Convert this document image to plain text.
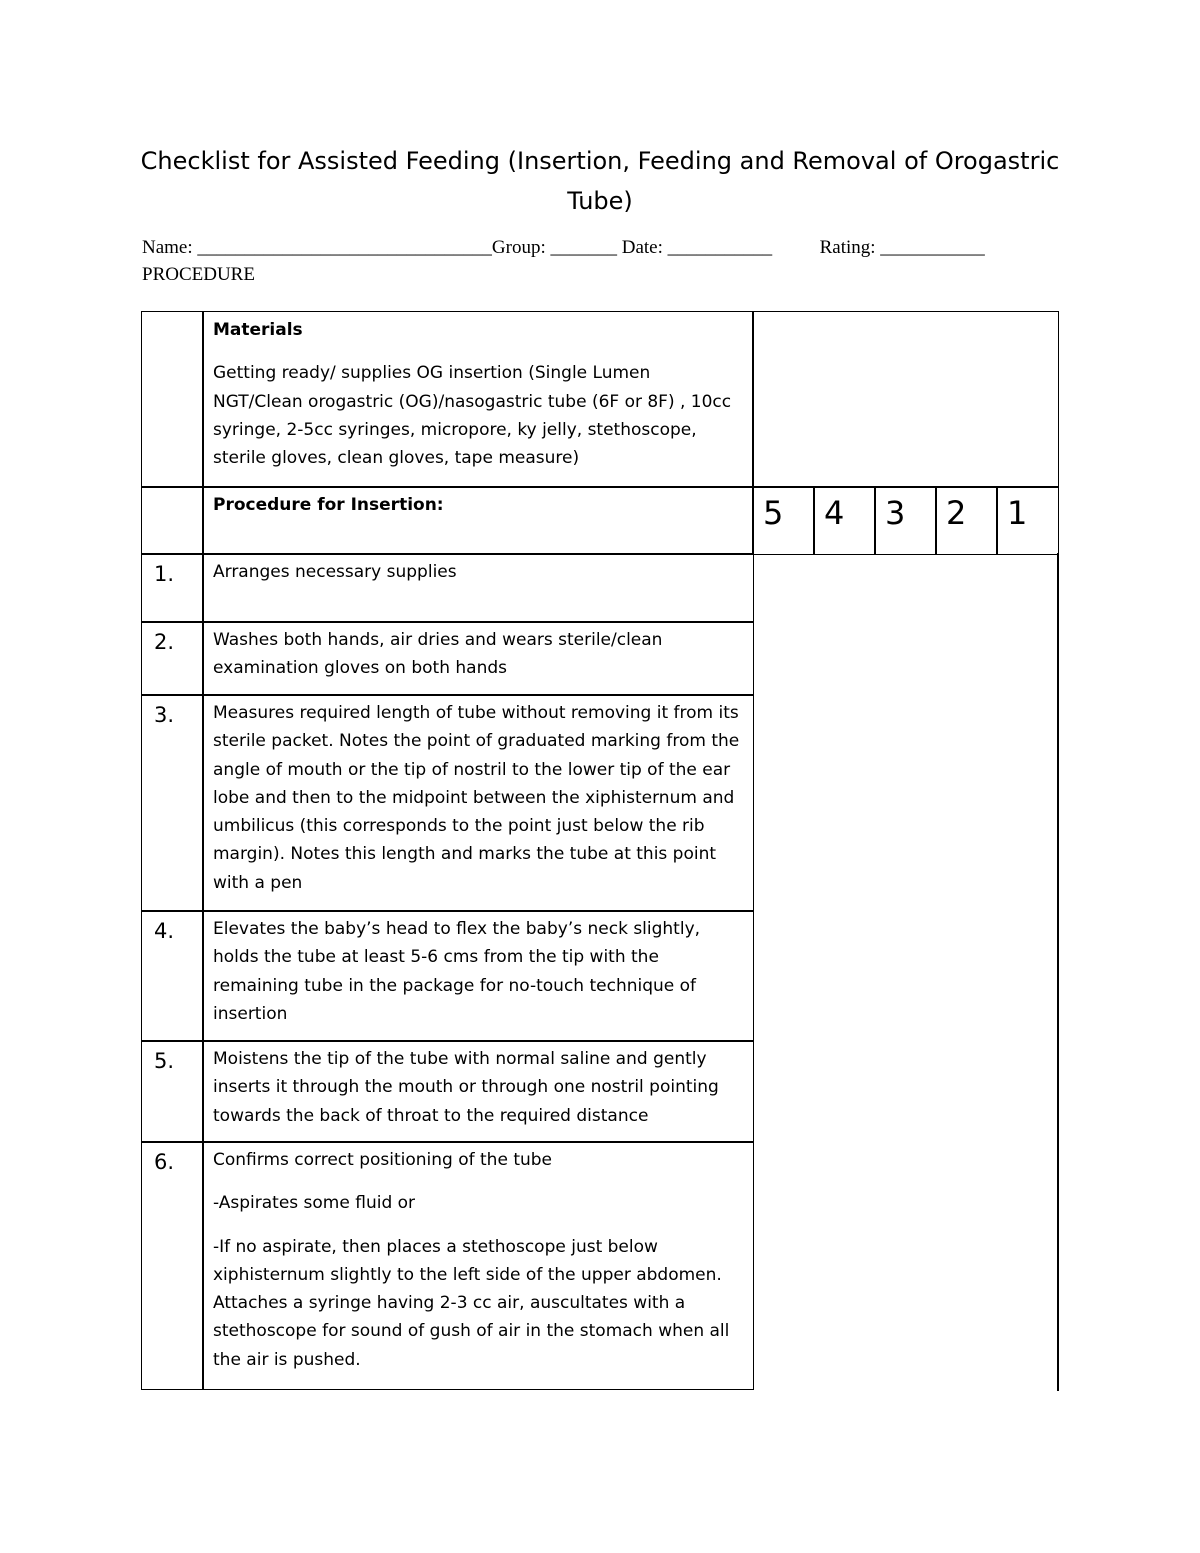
Checklist for Assisted Feeding (Insertion, Feeding and Removal of Orogastric Tube)
Name: _______________________________Group: _______ Date: ___________          Rating: ___________
PROCEDURE

Materials

Getting ready/ supplies OG insertion (Single Lumen NGT/Clean orogastric (OG)/nasogastric tube (6F or 8F) , 10cc syringe, 2-5cc syringes, micropore, ky jelly, stethoscope, sterile gloves, clean gloves, tape measure)

Procedure for Insertion:	5	4	3	2	1
1.	Arranges necessary supplies

2.	Washes both hands, air dries and wears sterile/clean examination gloves on both hands

3.	Measures required length of tube without removing it from its sterile packet. Notes the point of graduated marking from the angle of mouth or the tip of nostril to the lower tip of the ear lobe and then to the midpoint between the xiphisternum and umbilicus (this corresponds to the point just below the rib margin). Notes this length and marks the tube at this point with a pen

4.	Elevates the baby’s head to flex the baby’s neck slightly, holds the tube at least 5-6 cms from the tip with the remaining tube in the package for no-touch technique of insertion

5.	Moistens the tip of the tube with normal saline and gently inserts it through the mouth or through one nostril pointing towards the back of throat to the required distance

6.	Confirms correct positioning of the tube

-Aspirates some fluid or

-If no aspirate, then places a stethoscope just below xiphisternum slightly to the left side of the upper abdomen. Attaches a syringe having 2-3 cc air, auscultates with a stethoscope for sound of gush of air in the stomach when all the air is pushed.
